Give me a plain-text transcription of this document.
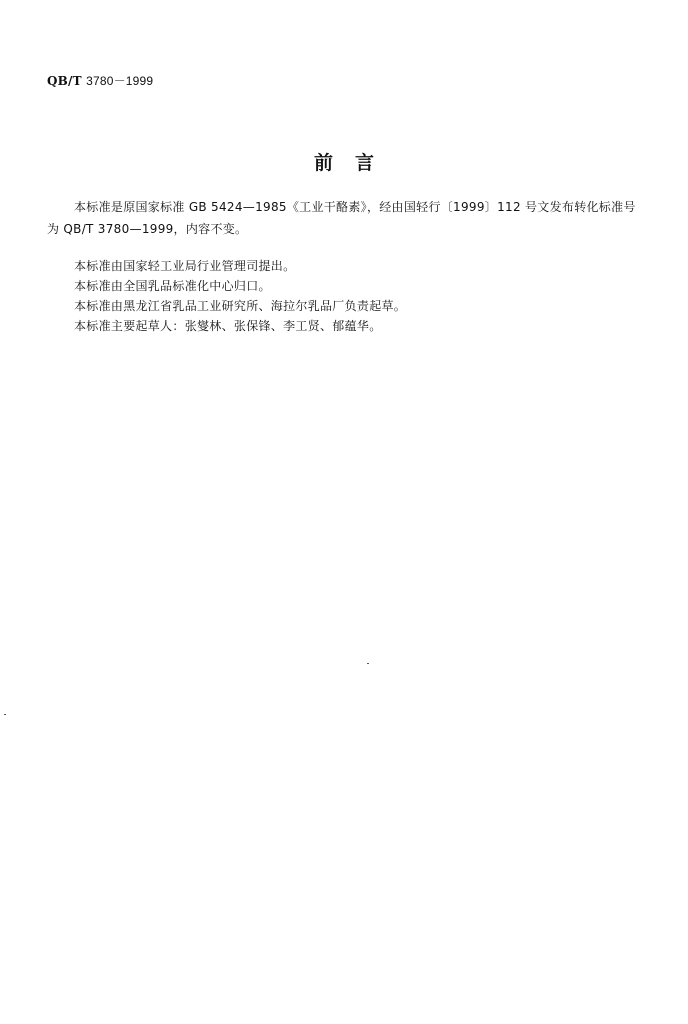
QB/T 3780－1999
前言
本标准是原国家标准 GB 5424—1985《工业干酪素》，经由国轻行〔1999〕112 号文发布转化标准号为 QB/T 3780—1999，内容不变。
本标准由国家轻工业局行业管理司提出。
本标准由全国乳品标准化中心归口。
本标准由黑龙江省乳品工业研究所、海拉尔乳品厂负责起草。
本标准主要起草人：张燮林、张保锋、李工贤、郁蕴华。
